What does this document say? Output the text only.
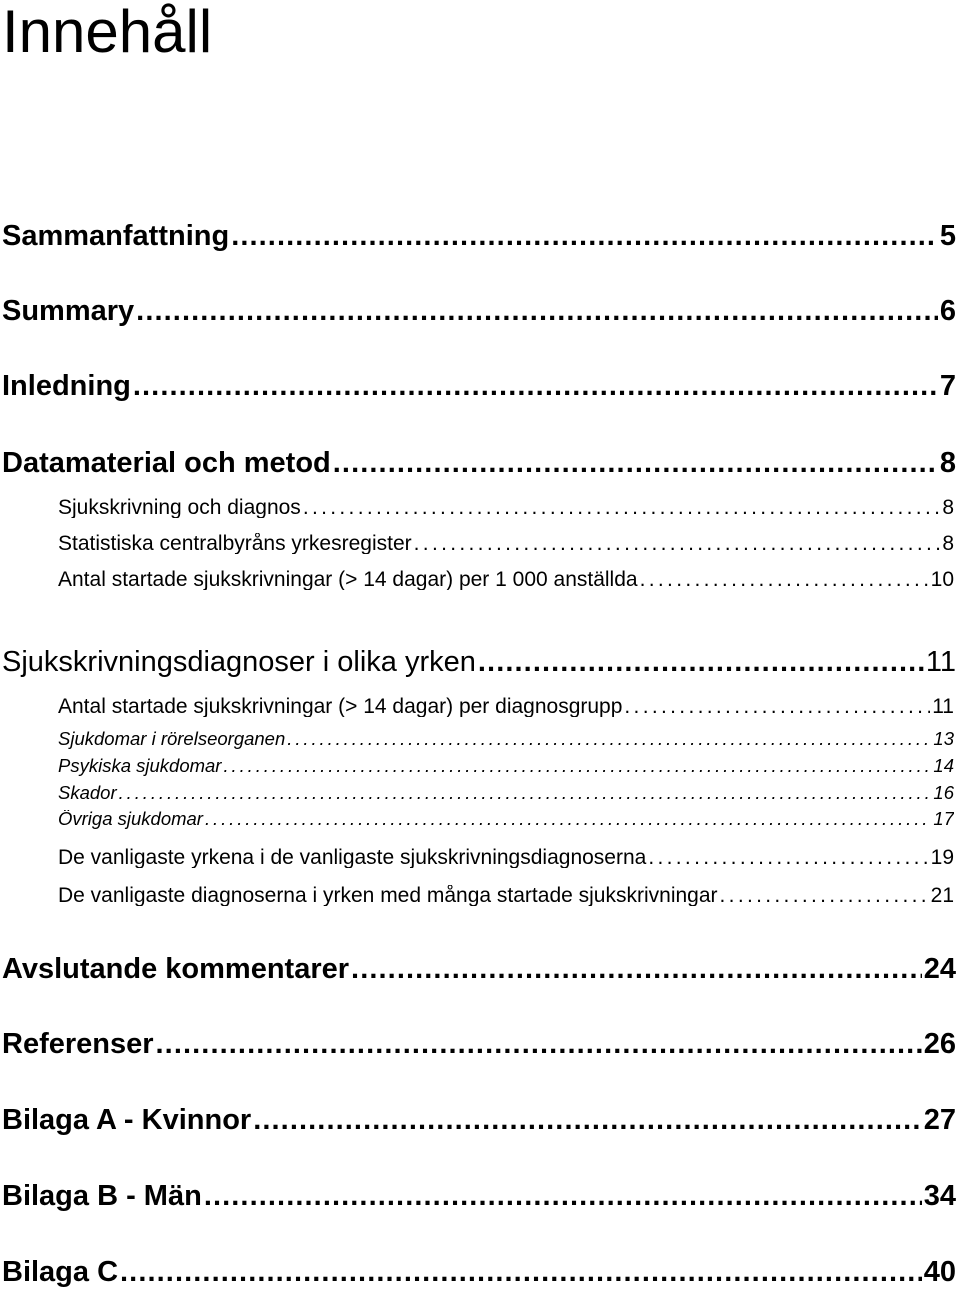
Innehåll
Sammanfattning . . .	5
Summary . . .	6
Inledning . . .	7
Datamaterial och metod . . .	8
Sjukskrivning och diagnos . . .	8
Statistiska centralbyråns yrkesregister . . .	8
Antal startade sjukskrivningar (> 14 dagar) per 1 000 anställda . . .	10
Sjukskrivningsdiagnoser i olika yrken . . .	11
Antal startade sjukskrivningar (> 14 dagar) per diagnosgrupp . . .	11
Sjukdomar i rörelseorganen . . .	13
Psykiska sjukdomar . . .	14
Skador . . .	16
Övriga sjukdomar . . .	17
De vanligaste yrkena i de vanligaste sjukskrivningsdiagnoserna . . .	19
De vanligaste diagnoserna i yrken med många startade sjukskrivningar . . .	21
Avslutande kommentarer . . .	24
Referenser . . .	26
Bilaga A - Kvinnor . . .	27
Bilaga B - Män . . .	34
Bilaga C . . .	40
